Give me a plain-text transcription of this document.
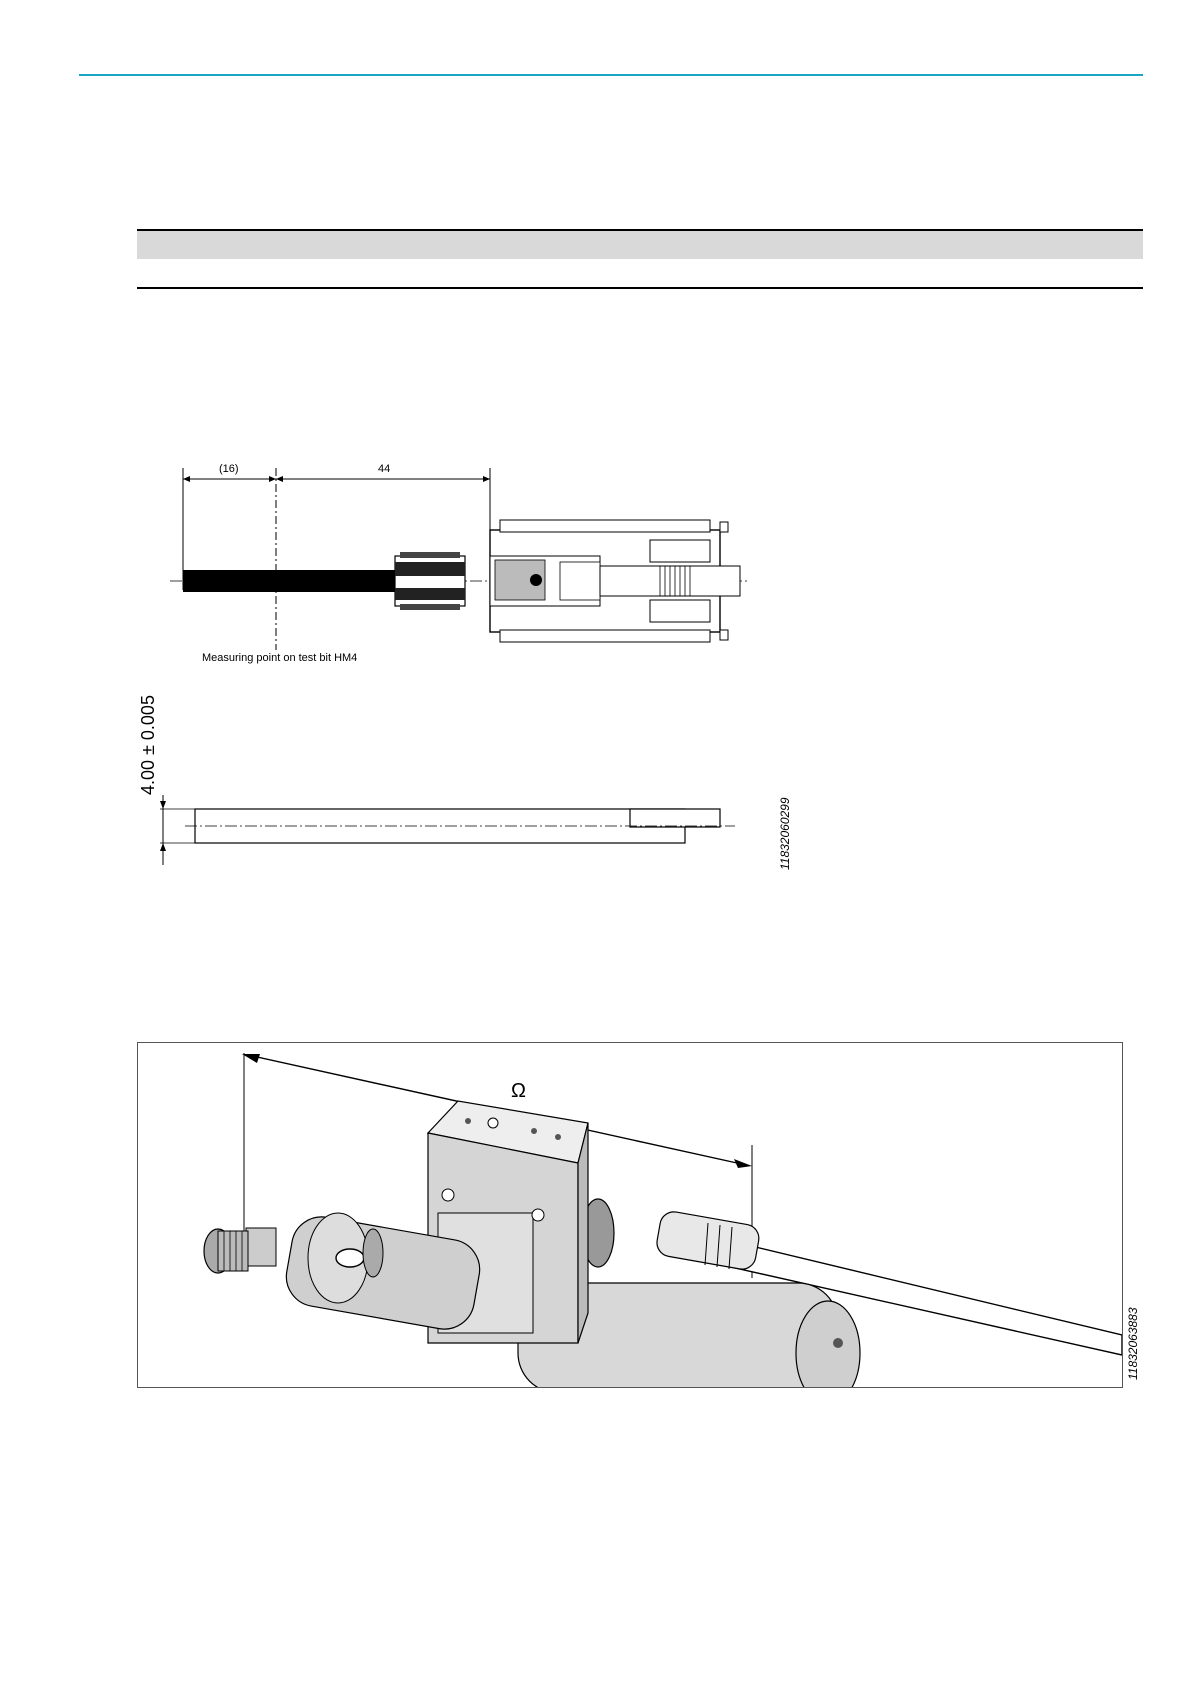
(16)	44
Measuring point on test bit HM4
4.00 ± 0.005
11832060299
Ω
11832063883
